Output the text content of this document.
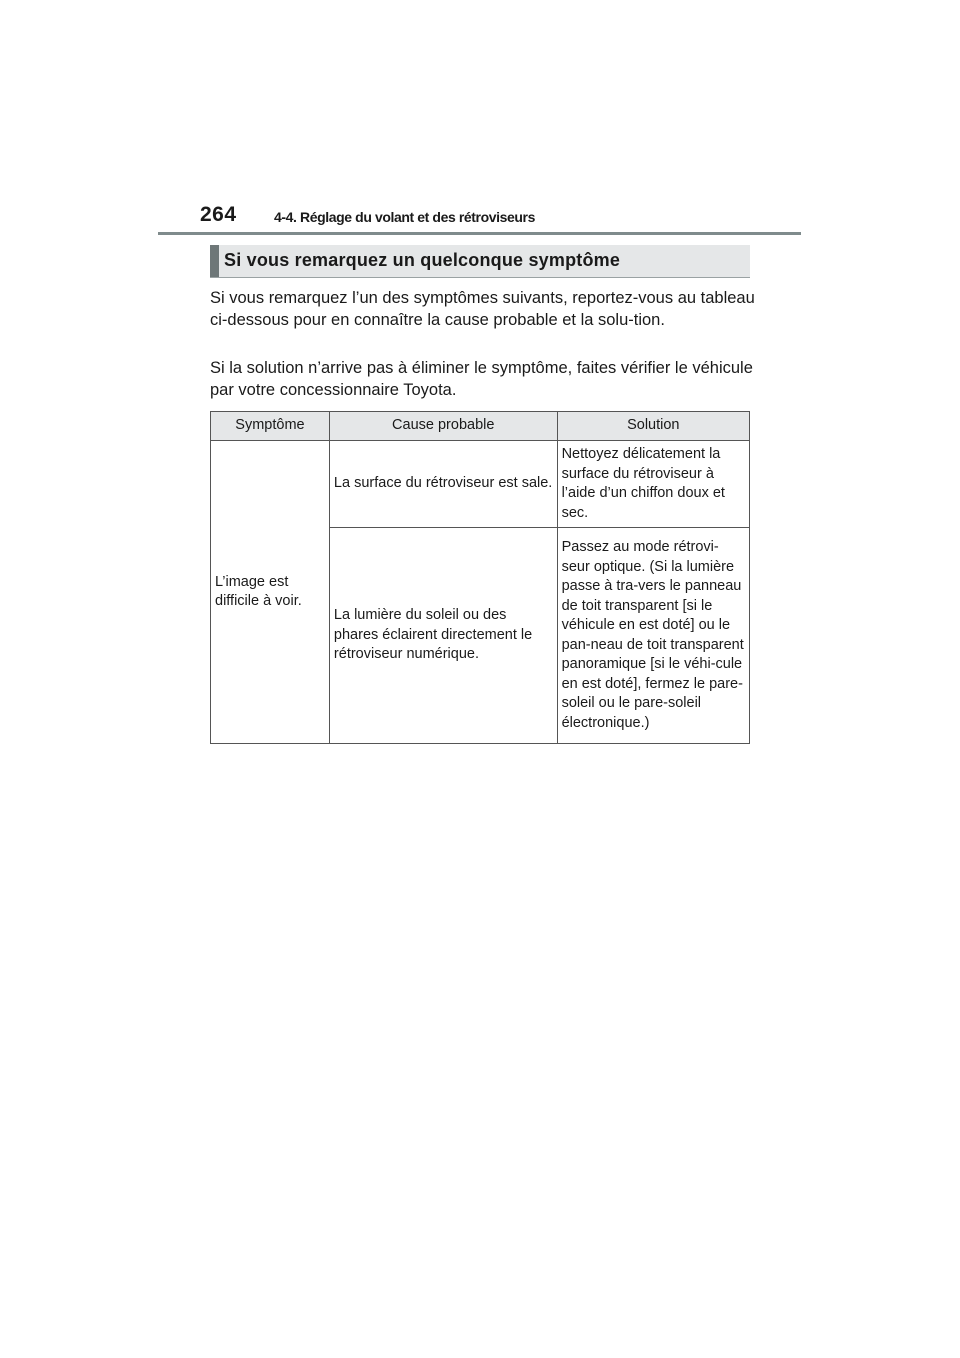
264	4-4. Réglage du volant et des rétroviseurs
Si vous remarquez un quelconque symptôme

Si vous remarquez l’un des symptômes suivants, reportez-vous au tableau ci-dessous pour en connaître la cause probable et la solu-tion.

Si la solution n’arrive pas à éliminer le symptôme, faites vérifier le véhicule par votre concessionnaire Toyota.

Symptôme	Cause probable	Solution
L’image est difficile à voir.	La surface du rétroviseur est sale.	Nettoyez délicatement la surface du rétroviseur à l’aide d’un chiffon doux et sec.
	La lumière du soleil ou des phares éclairent directement le rétroviseur numérique.	Passez au mode rétrovi-seur optique. (Si la lumière passe à tra-vers le panneau de toit transparent [si le véhicule en est doté] ou le pan-neau de toit transparent panoramique [si le véhi-cule en est doté], fermez le pare-soleil ou le pare-soleil électronique.)
